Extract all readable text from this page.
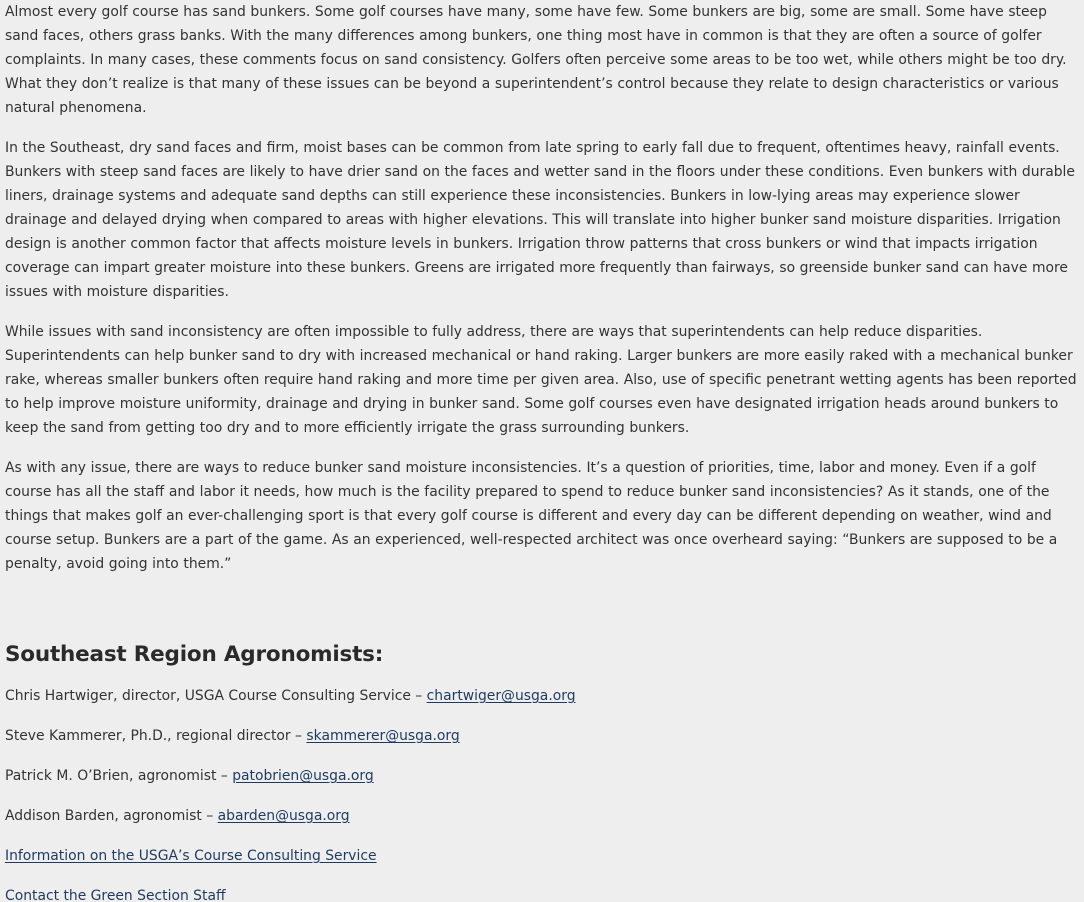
Almost every golf course has sand bunkers. Some golf courses have many, some have few. Some bunkers are big, some are small. Some have steep sand faces, others grass banks. With the many differences among bunkers, one thing most have in common is that they are often a source of golfer complaints. In many cases, these comments focus on sand consistency. Golfers often perceive some areas to be too wet, while others might be too dry. What they don’t realize is that many of these issues can be beyond a superintendent’s control because they relate to design characteristics or various natural phenomena.

In the Southeast, dry sand faces and firm, moist bases can be common from late spring to early fall due to frequent, oftentimes heavy, rainfall events. Bunkers with steep sand faces are likely to have drier sand on the faces and wetter sand in the floors under these conditions. Even bunkers with durable liners, drainage systems and adequate sand depths can still experience these inconsistencies. Bunkers in low-lying areas may experience slower drainage and delayed drying when compared to areas with higher elevations. This will translate into higher bunker sand moisture disparities. Irrigation design is another common factor that affects moisture levels in bunkers. Irrigation throw patterns that cross bunkers or wind that impacts irrigation coverage can impart greater moisture into these bunkers. Greens are irrigated more frequently than fairways, so greenside bunker sand can have more issues with moisture disparities.

While issues with sand inconsistency are often impossible to fully address, there are ways that superintendents can help reduce disparities. Superintendents can help bunker sand to dry with increased mechanical or hand raking. Larger bunkers are more easily raked with a mechanical bunker rake, whereas smaller bunkers often require hand raking and more time per given area. Also, use of specific penetrant wetting agents has been reported to help improve moisture uniformity, drainage and drying in bunker sand. Some golf courses even have designated irrigation heads around bunkers to keep the sand from getting too dry and to more efficiently irrigate the grass surrounding bunkers.

As with any issue, there are ways to reduce bunker sand moisture inconsistencies. It’s a question of priorities, time, labor and money. Even if a golf course has all the staff and labor it needs, how much is the facility prepared to spend to reduce bunker sand inconsistencies? As it stands, one of the things that makes golf an ever-challenging sport is that every golf course is different and every day can be different depending on weather, wind and course setup. Bunkers are a part of the game. As an experienced, well-respected architect was once overheard saying: “Bunkers are supposed to be a penalty, avoid going into them.”

Southeast Region Agronomists:

Chris Hartwiger, director, USGA Course Consulting Service – chartwiger@usga.org

Steve Kammerer, Ph.D., regional director – skammerer@usga.org

Patrick M. O’Brien, agronomist – patobrien@usga.org

Addison Barden, agronomist – abarden@usga.org

Information on the USGA’s Course Consulting Service

Contact the Green Section Staff
